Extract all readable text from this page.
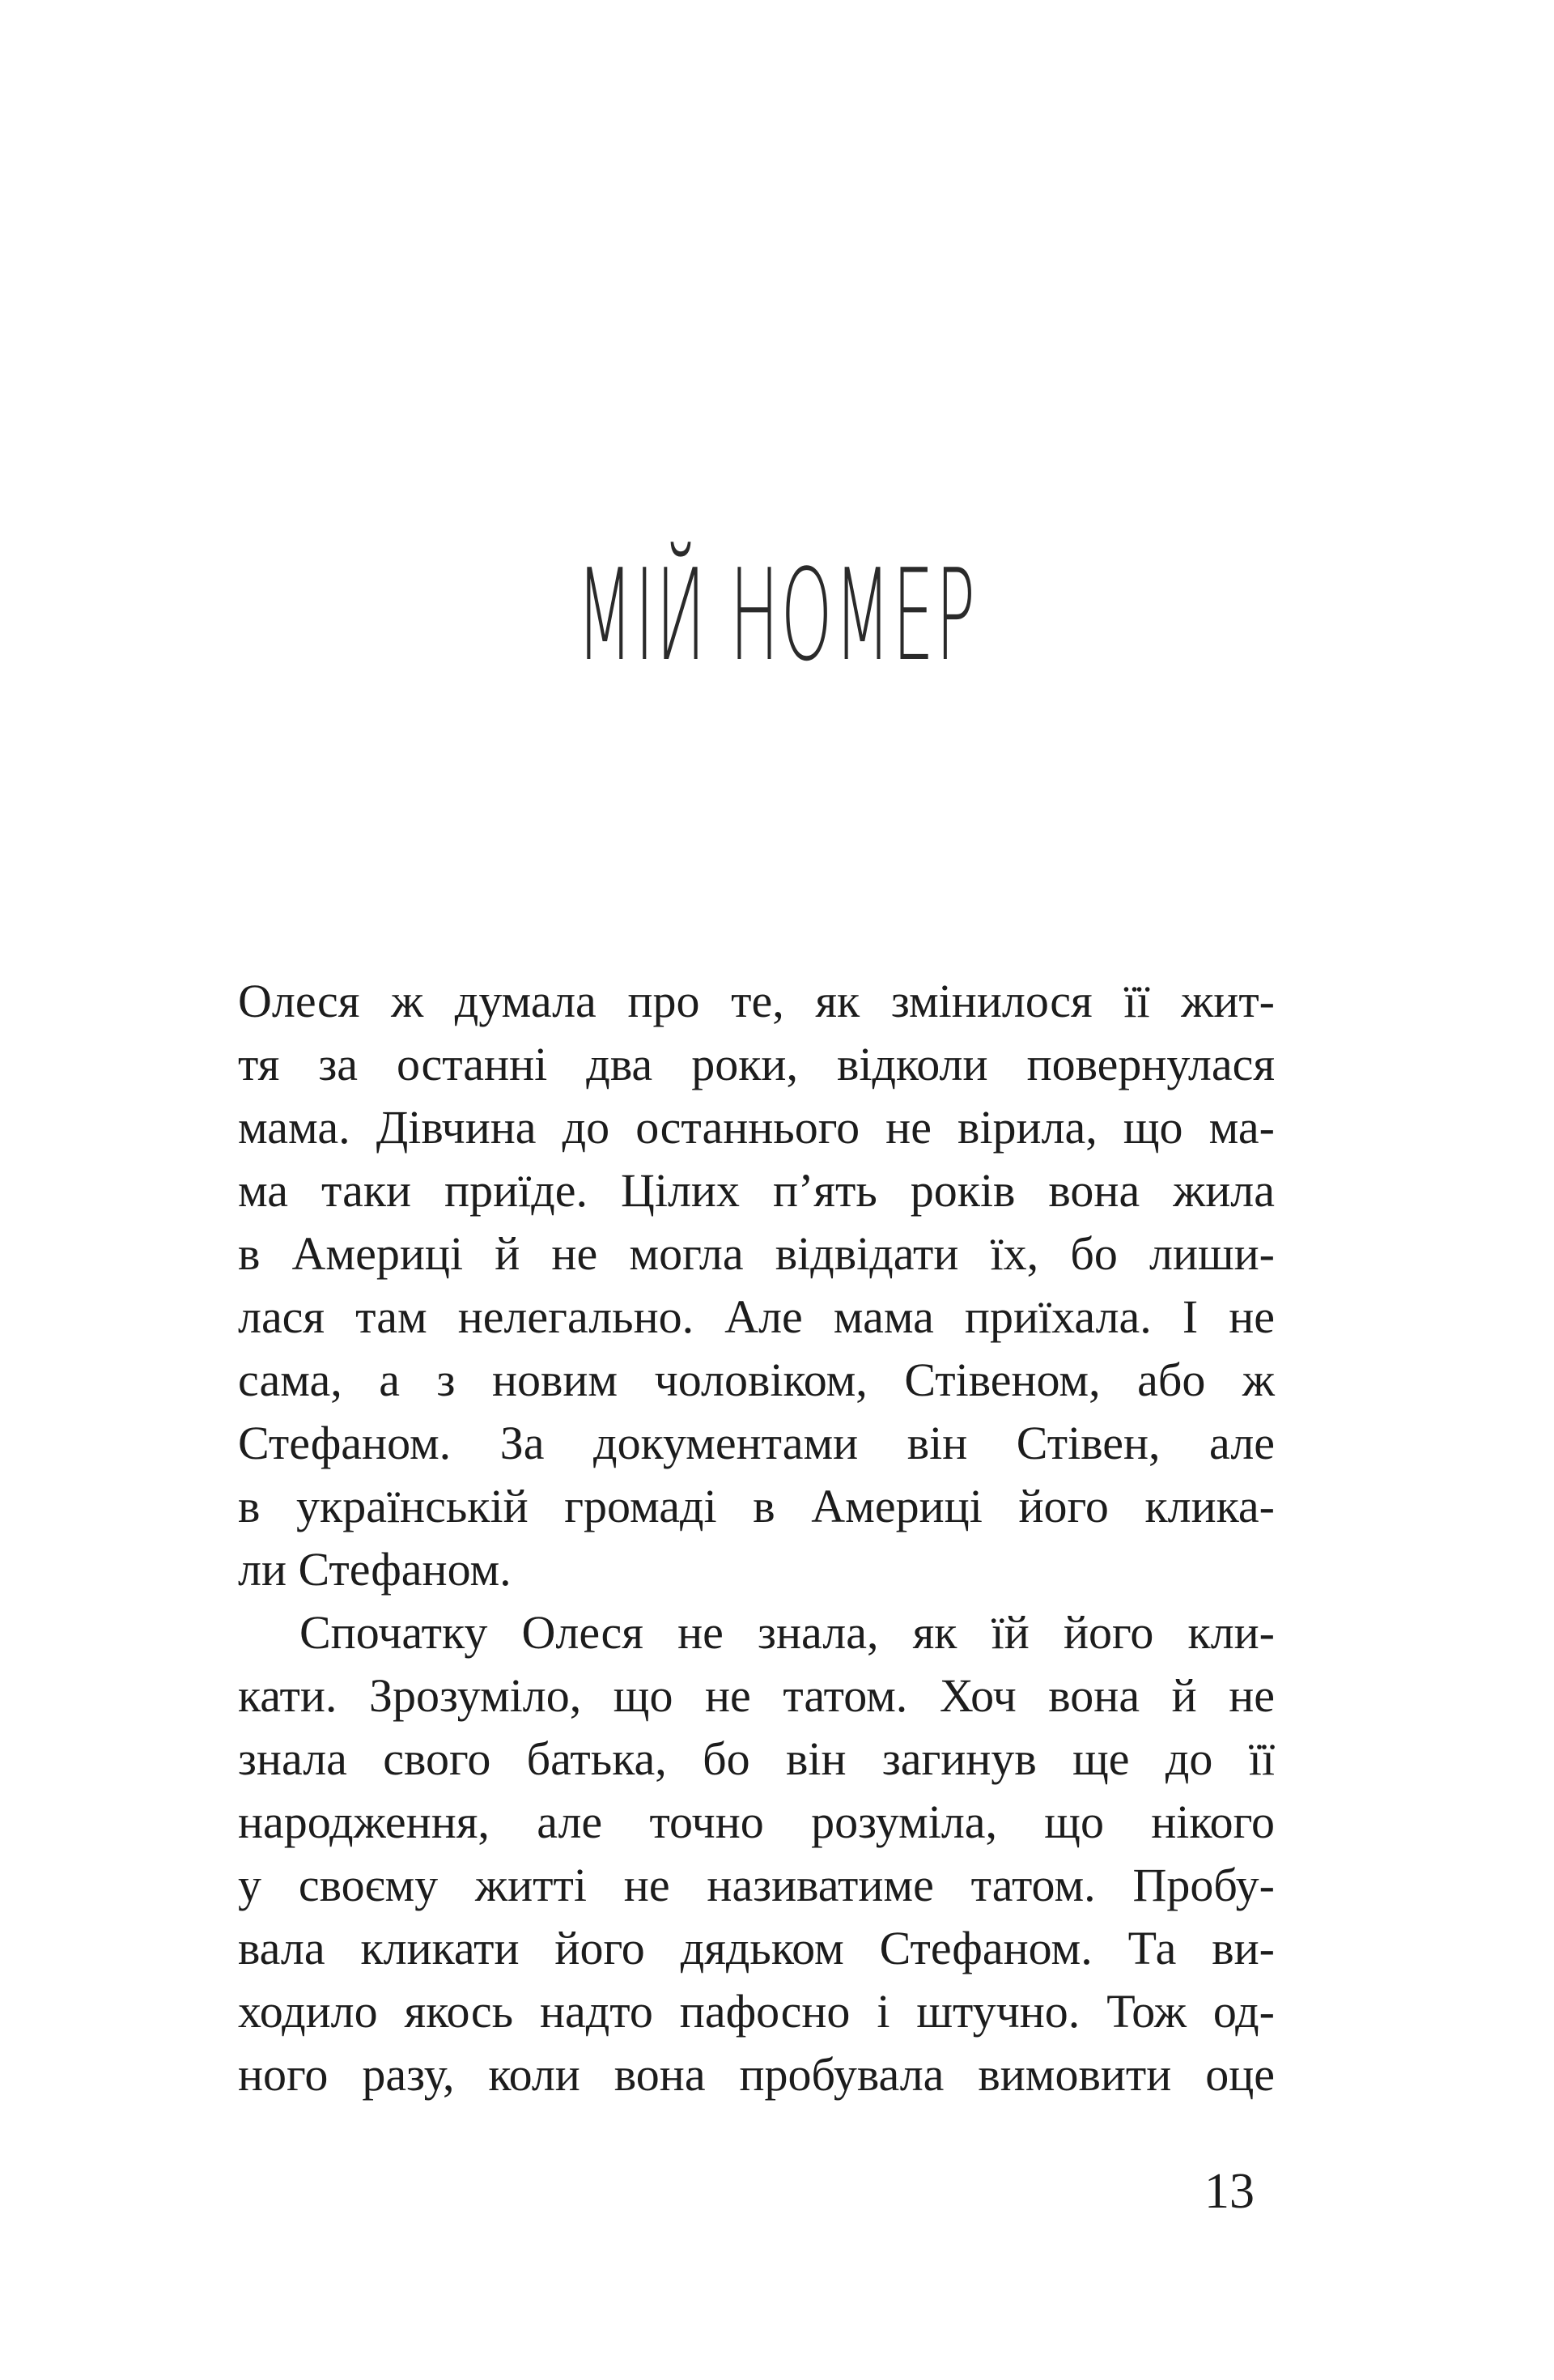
МІЙ НОМЕР
Олеся ж думала про те, як змінилося її жит-
тя за останні два роки, відколи повернулася
мама. Дівчина до останнього не вірила, що ма-
ма таки приїде. Цілих п’ять років вона жила
в Америці й не могла відвідати їх, бо лиши-
лася там нелегально. Але мама приїхала. І не
сама, а з новим чоловіком, Стівеном, або ж
Стефаном. За документами він Стівен, але
в українській громаді в Америці його клика-
ли Стефаном.
Спочатку Олеся не знала, як їй його кли-
кати. Зрозуміло, що не татом. Хоч вона й не
знала свого батька, бо він загинув ще до її
народження, але точно розуміла, що нікого
у своєму житті не називатиме татом. Пробу-
вала кликати його дядьком Стефаном. Та ви-
ходило якось надто пафосно і штучно. Тож од-
ного разу, коли вона пробувала вимовити оце
13
